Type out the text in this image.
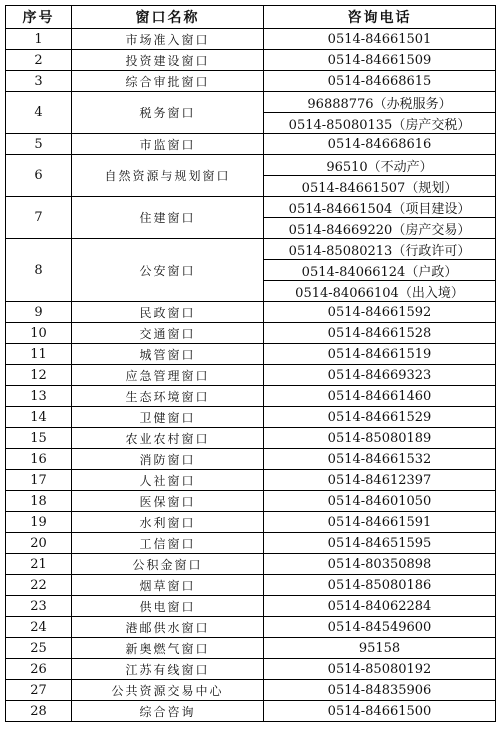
序号	窗口名称	咨询电话
1	市场准入窗口	0514-84661501
2	投资建设窗口	0514-84661509
3	综合审批窗口	0514-84668615
4	税务窗口	96888776（办税服务）
		0514-85080135（房产交税）
5	市监窗口	0514-84668616
6	自然资源与规划窗口	96510（不动产）
		0514-84661507（规划）
7	住建窗口	0514-84661504（项目建设）
		0514-84669220（房产交易）
8	公安窗口	0514-85080213（行政许可）
		0514-84066124（户政）
		0514-84066104（出入境）
9	民政窗口	0514-84661592
10	交通窗口	0514-84661528
11	城管窗口	0514-84661519
12	应急管理窗口	0514-84669323
13	生态环境窗口	0514-84661460
14	卫健窗口	0514-84661529
15	农业农村窗口	0514-85080189
16	消防窗口	0514-84661532
17	人社窗口	0514-84612397
18	医保窗口	0514-84601050
19	水利窗口	0514-84661591
20	工信窗口	0514-84651595
21	公积金窗口	0514-80350898
22	烟草窗口	0514-85080186
23	供电窗口	0514-84062284
24	港邮供水窗口	0514-84549600
25	新奥燃气窗口	95158
26	江苏有线窗口	0514-85080192
27	公共资源交易中心	0514-84835906
28	综合咨询	0514-84661500
